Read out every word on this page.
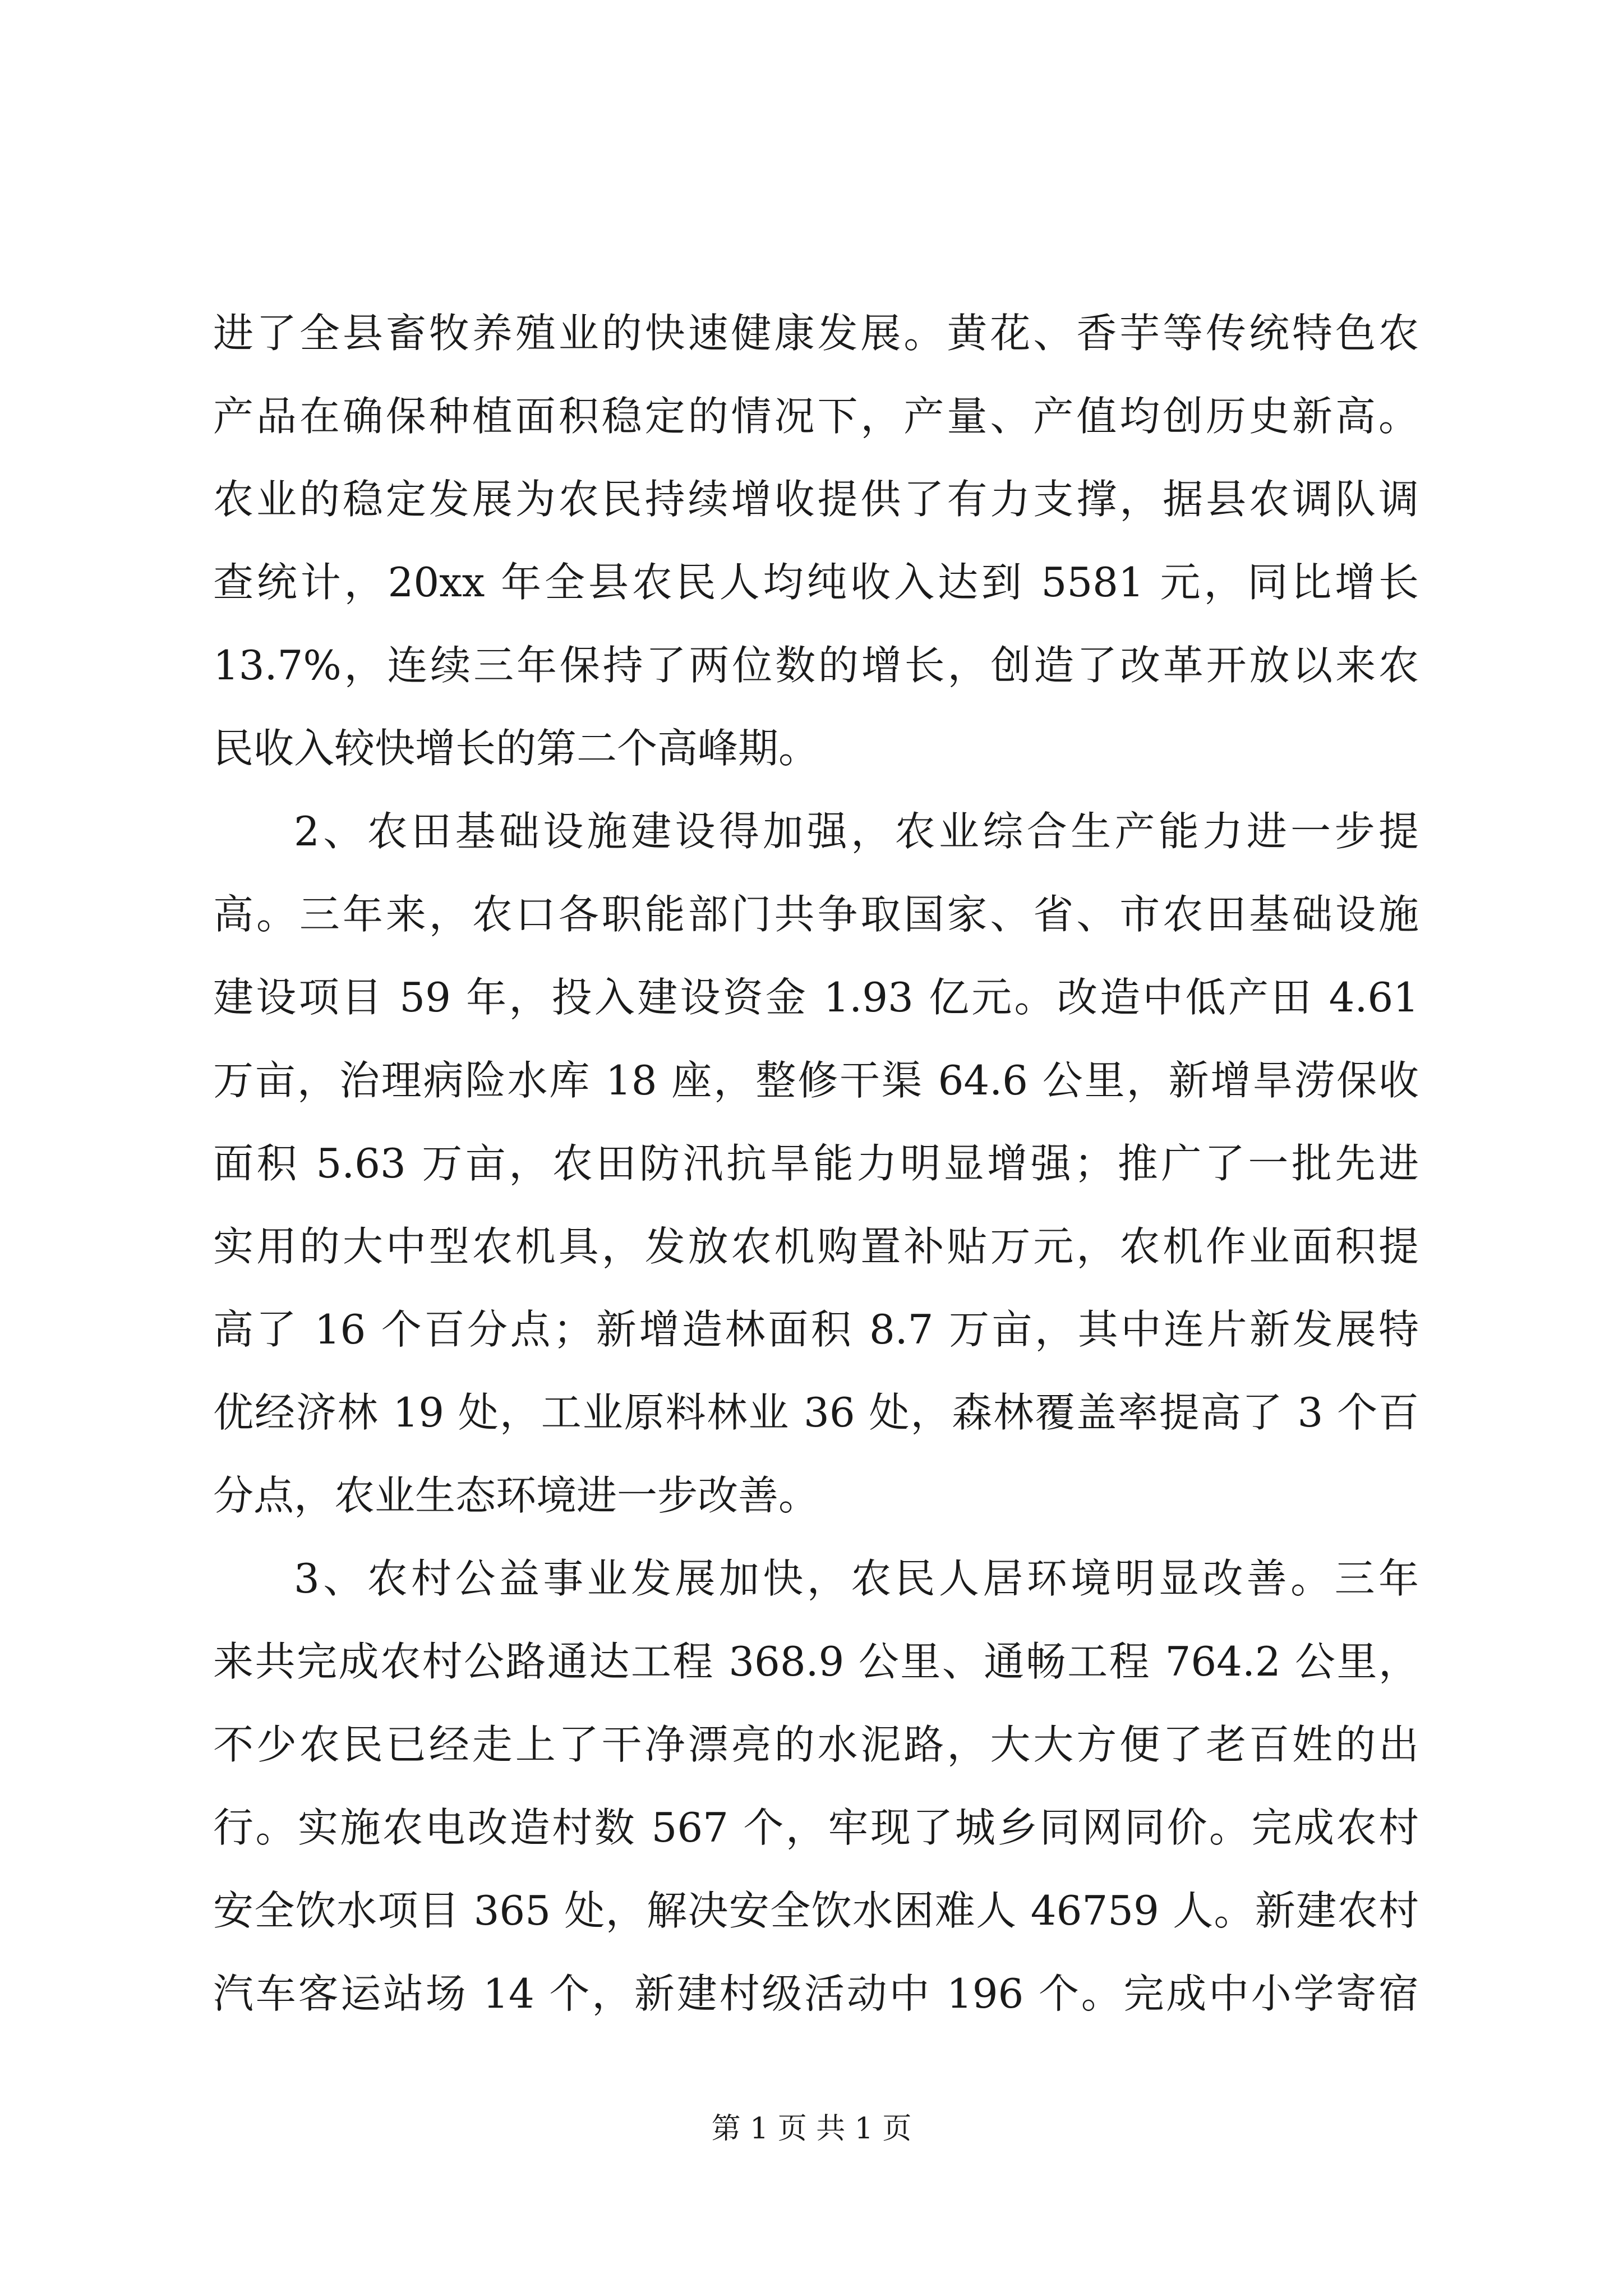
进了全县畜牧养殖业的快速健康发展。黄花、香芋等传统特色农
产品在确保种植面积稳定的情况下，产量、产值均创历史新高。
农业的稳定发展为农民持续增收提供了有力支撑，据县农调队调
查统计，20xx 年全县农民人均纯收入达到 5581 元，同比增长
13.7%，连续三年保持了两位数的增长，创造了改革开放以来农
民收入较快增长的第二个高峰期。
2、农田基础设施建设得加强，农业综合生产能力进一步提
高。三年来，农口各职能部门共争取国家、省、市农田基础设施
建设项目 59 年，投入建设资金 1.93 亿元。改造中低产田 4.61
万亩，治理病险水库 18 座，整修干渠 64.6 公里，新增旱涝保收
面积 5.63 万亩，农田防汛抗旱能力明显增强；推广了一批先进
实用的大中型农机具，发放农机购置补贴万元，农机作业面积提
高了 16 个百分点；新增造林面积 8.7 万亩，其中连片新发展特
优经济林 19 处，工业原料林业 36 处，森林覆盖率提高了 3 个百
分点，农业生态环境进一步改善。
3、农村公益事业发展加快，农民人居环境明显改善。三年
来共完成农村公路通达工程 368.9 公里、通畅工程 764.2 公里，
不少农民已经走上了干净漂亮的水泥路，大大方便了老百姓的出
行。实施农电改造村数 567 个，牢现了城乡同网同价。完成农村
安全饮水项目 365 处，解决安全饮水困难人 46759 人。新建农村
汽车客运站场 14 个，新建村级活动中 196 个。完成中小学寄宿
第 1 页 共 1 页
